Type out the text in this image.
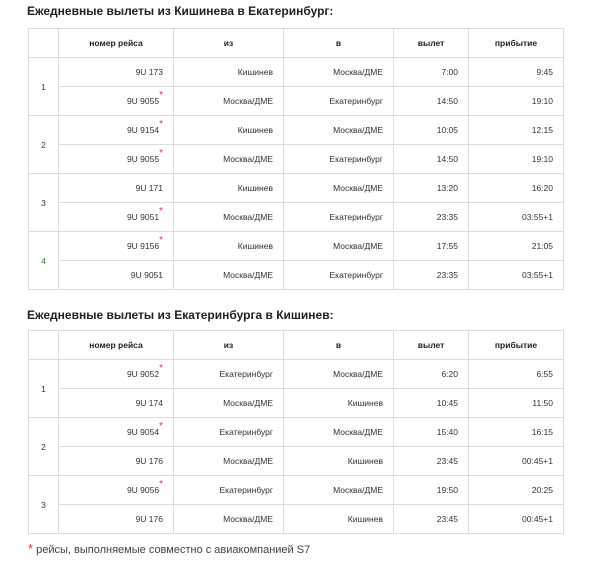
Ежедневные вылеты из Кишинева в Екатеринбург:
	номер рейса	из	в	вылет	прибытие
1	9U 173	Кишинев	Москва/ДМЕ	7:00	9:45
	9U 9055*	Москва/ДМЕ	Екатеринбург	14:50	19:10
2	9U 9154*	Кишинев	Москва/ДМЕ	10:05	12:15
	9U 9055*	Москва/ДМЕ	Екатеринбург	14:50	19:10
3	9U 171	Кишинев	Москва/ДМЕ	13:20	16:20
	9U 9051*	Москва/ДМЕ	Екатеринбург	23:35	03:55+1
4	9U 9156*	Кишинев	Москва/ДМЕ	17:55	21:05
	9U 9051	Москва/ДМЕ	Екатеринбург	23:35	03:55+1
Ежедневные вылеты из Екатеринбурга в Кишинев:
	номер рейса	из	в	вылет	прибытие
1	9U 9052*	Екатеринбург	Москва/ДМЕ	6:20	6:55
	9U 174	Москва/ДМЕ	Кишинев	10:45	11:50
2	9U 9054*	Екатеринбург	Москва/ДМЕ	15:40	16:15
	9U 176	Москва/ДМЕ	Кишинев	23:45	00:45+1
3	9U 9056*	Екатеринбург	Москва/ДМЕ	19:50	20:25
	9U 176	Москва/ДМЕ	Кишинев	23:45	00:45+1

* рейсы, выполняемые совместно с авиакомпанией S7
